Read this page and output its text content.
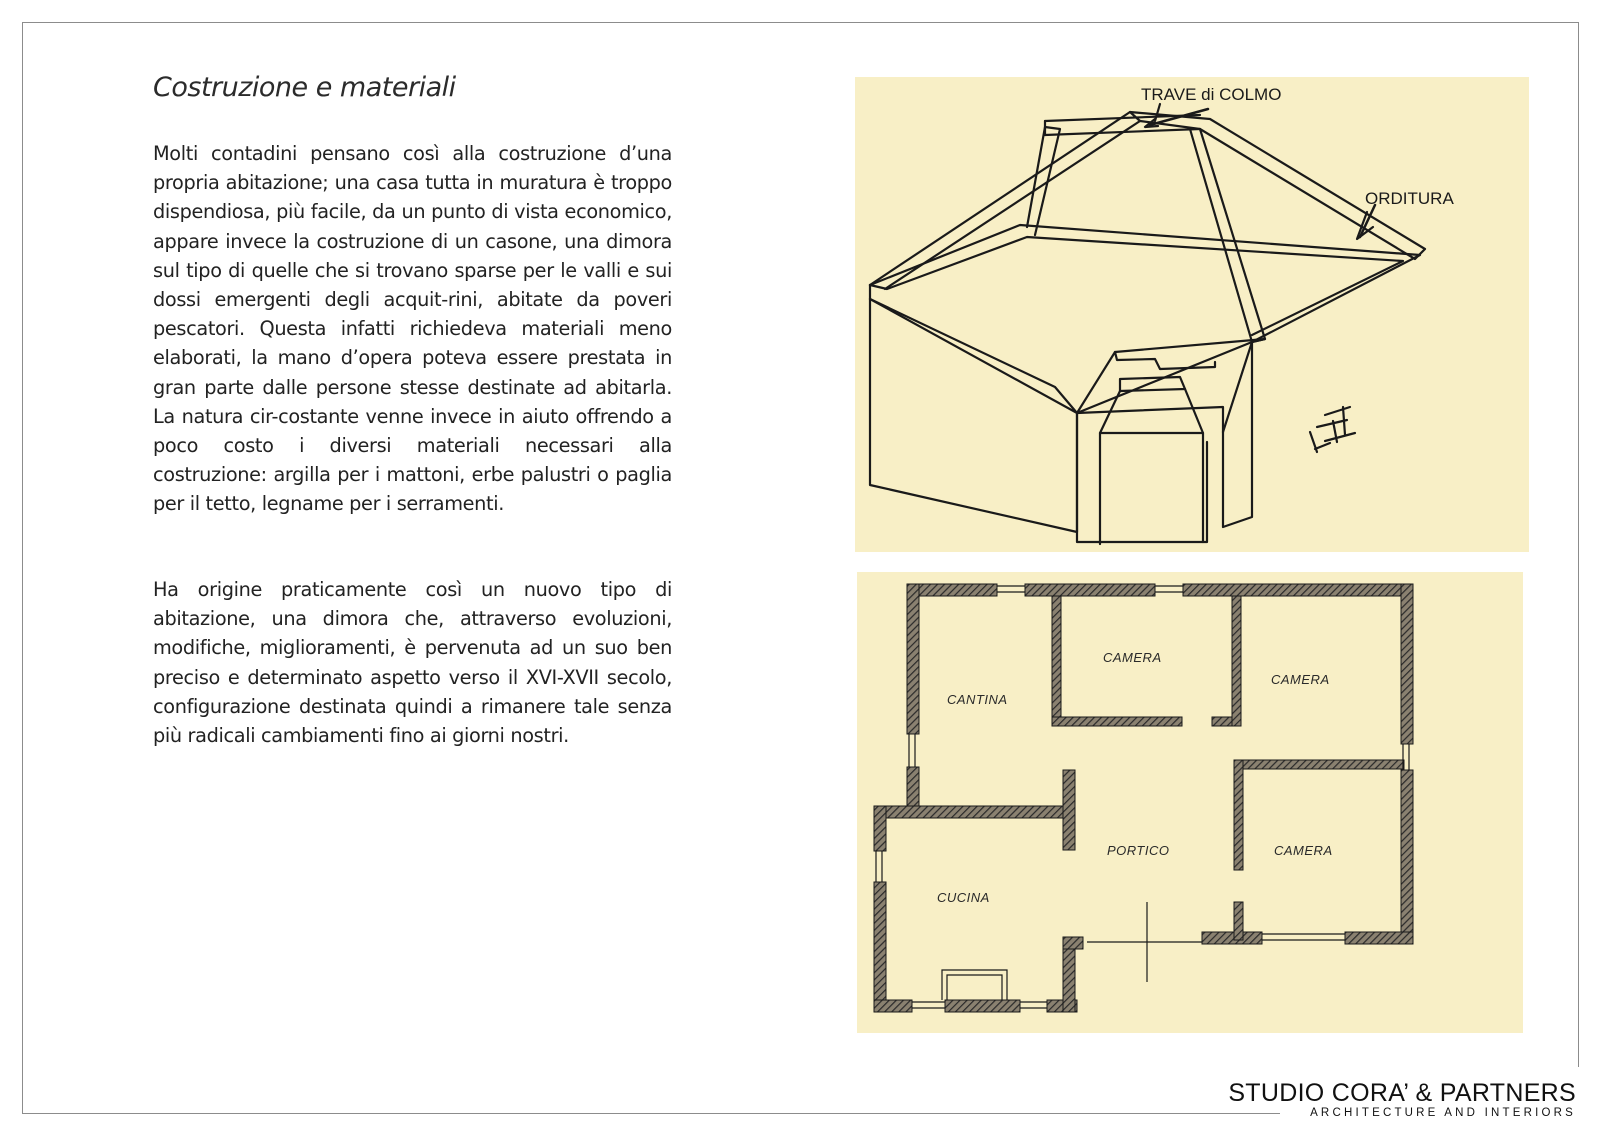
Costruzione e materiali
Molti contadini pensano così alla costruzione d’una propria abitazione; una casa tutta in muratura è troppo dispendiosa, più facile, da un punto di vista economico, appare invece la costruzione di un casone, una dimora sul tipo di quelle che si trovano sparse per le valli e sui dossi emergenti degli acquit-rini, abitate da poveri pescatori. Questa infatti richiedeva materiali meno elaborati, la mano d’opera poteva essere prestata in gran parte dalle persone stesse destinate ad abitarla. La natura cir-costante venne invece in aiuto offrendo a poco costo i diversi materiali necessari alla costruzione: argilla per i mattoni, erbe palustri o paglia per il tetto, legname per i serramenti.
Ha origine praticamente così un nuovo tipo di abitazione, una dimora che, attraverso evoluzioni, modifiche, miglioramenti, è pervenuta ad un suo ben preciso e determinato aspetto verso il XVI-XVII secolo, configurazione destinata quindi a rimanere tale senza più radicali cambiamenti fino ai giorni nostri.
TRAVE di COLMO
ORDITURA
CAMERA
CAMERA
CANTINA
PORTICO	CAMERA
CUCINA
STUDIO CORA’ & PARTNERS
ARCHITECTURE AND INTERIORS
